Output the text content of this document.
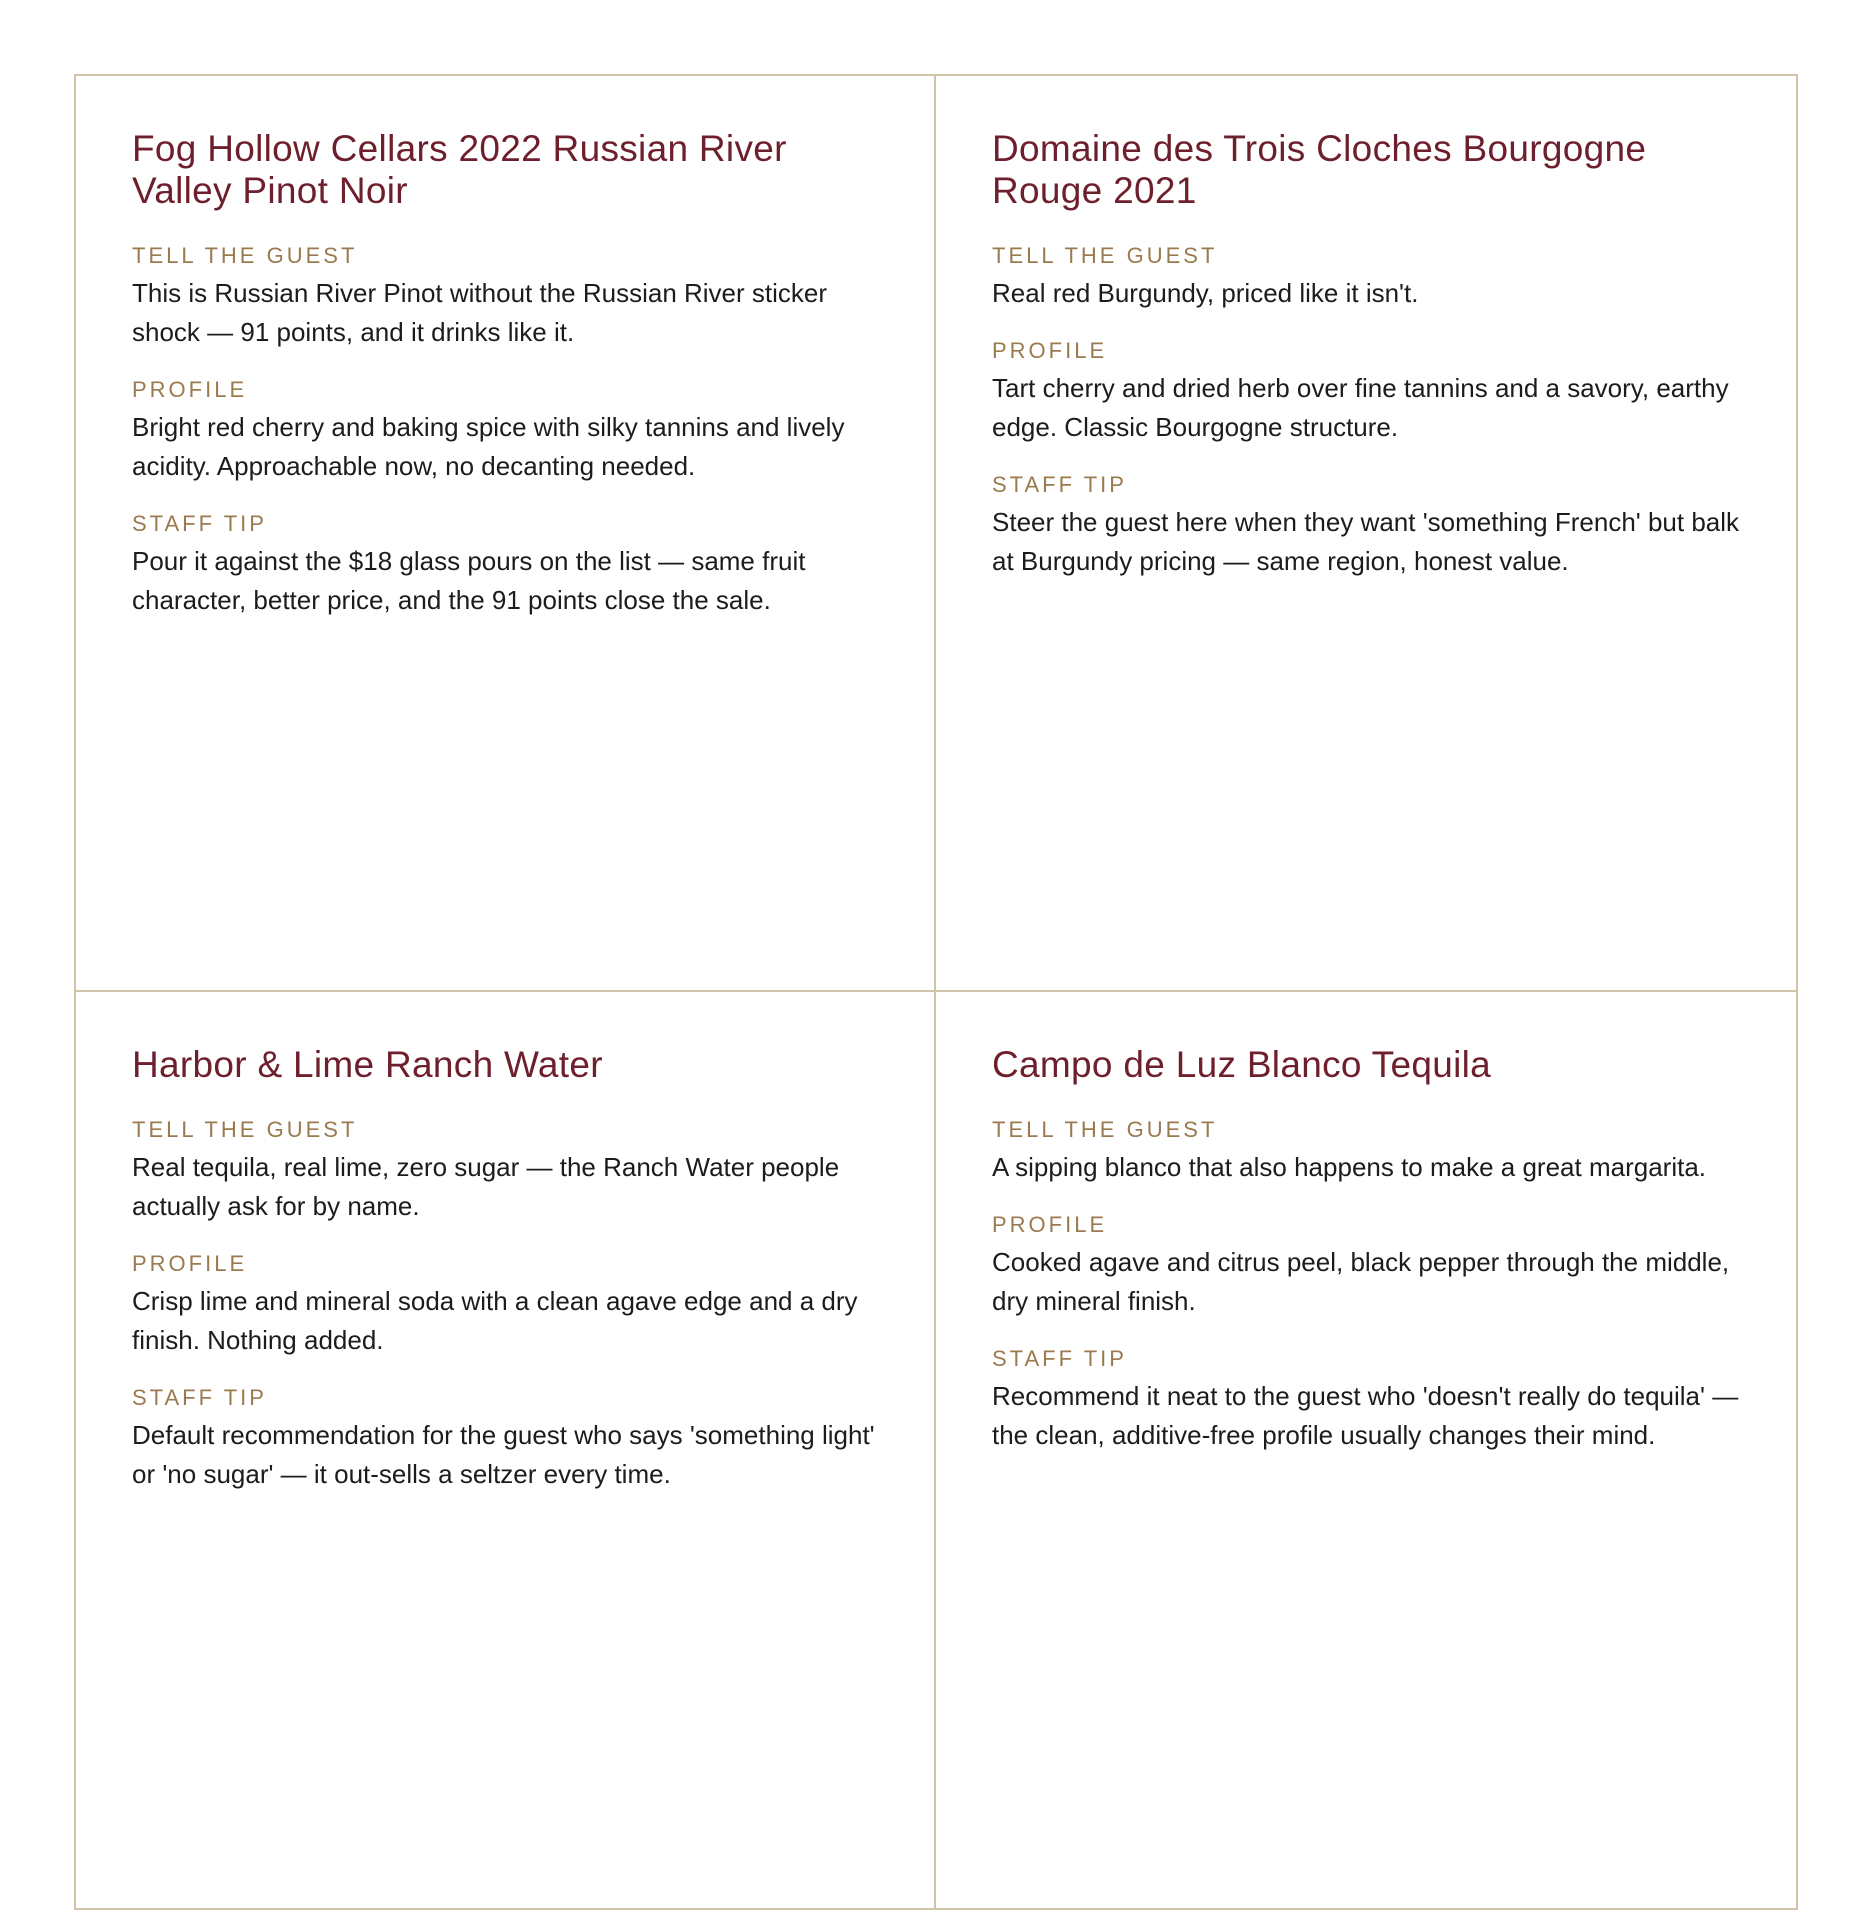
Fog Hollow Cellars 2022 Russian River Valley Pinot Noir
TELL THE GUEST

This is Russian River Pinot without the Russian River sticker shock — 91 points, and it drinks like it.

PROFILE

Bright red cherry and baking spice with silky tannins and lively acidity. Approachable now, no decanting needed.

STAFF TIP

Pour it against the $18 glass pours on the list — same fruit character, better price, and the 91 points close the sale.

Domaine des Trois Cloches Bourgogne Rouge 2021
TELL THE GUEST

Real red Burgundy, priced like it isn't.

PROFILE

Tart cherry and dried herb over fine tannins and a savory, earthy edge. Classic Bourgogne structure.

STAFF TIP

Steer the guest here when they want 'something French' but balk at Burgundy pricing — same region, honest value.

Harbor & Lime Ranch Water
TELL THE GUEST

Real tequila, real lime, zero sugar — the Ranch Water people actually ask for by name.

PROFILE

Crisp lime and mineral soda with a clean agave edge and a dry finish. Nothing added.

STAFF TIP

Default recommendation for the guest who says 'something light' or 'no sugar' — it out-sells a seltzer every time.

Campo de Luz Blanco Tequila
TELL THE GUEST

A sipping blanco that also happens to make a great margarita.

PROFILE

Cooked agave and citrus peel, black pepper through the middle, dry mineral finish.

STAFF TIP

Recommend it neat to the guest who 'doesn't really do tequila' — the clean, additive-free profile usually changes their mind.
